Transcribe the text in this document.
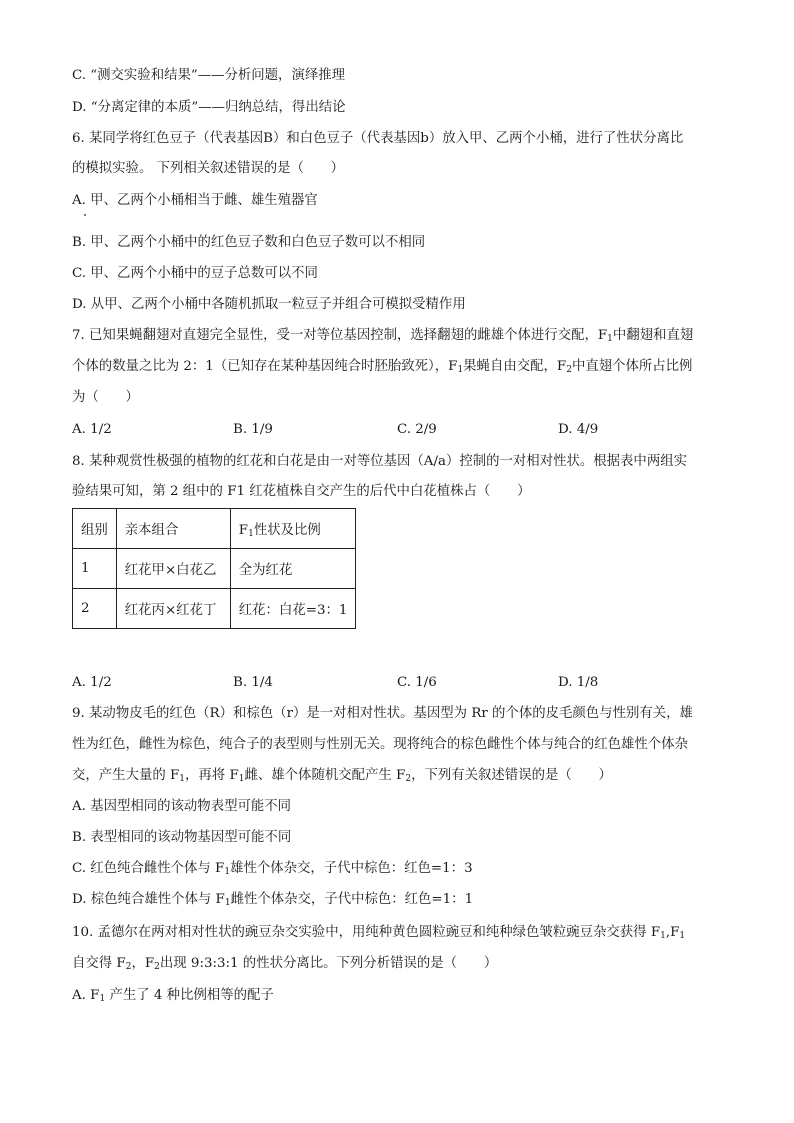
C. “测交实验和结果”——分析问题，演绎推理
D. “分离定律的本质”——归纳总结，得出结论
6. 某同学将红色豆子（代表基因B）和白色豆子（代表基因b）放入甲、乙两个小桶，进行了性状分离比
的模拟实验。 下列相关叙述错误的是（　　）
A. 甲、乙两个小桶相当于雌、雄生殖器官
B. 甲、乙两个小桶中的红色豆子数和白色豆子数可以不相同
C. 甲、乙两个小桶中的豆子总数可以不同
D. 从甲、乙两个小桶中各随机抓取一粒豆子并组合可模拟受精作用
7. 已知果蝇翻翅对直翅完全显性，受一对等位基因控制，选择翻翅的雌雄个体进行交配，$F_1$中翻翅和直翅
个体的数量之比为 2：1（已知存在某种基因纯合时胚胎致死），$F_1$果蝇自由交配，$F_2$中直翅个体所占比例
为（　　）
A. 1/2	B. 1/9	C. 2/9	D. 4/9
8. 某种观赏性极强的植物的红花和白花是由一对等位基因（A/a）控制的一对相对性状。根据表中两组实
验结果可知，第 2 组中的 F1 红花植株自交产生的后代中白花植株占（　　）
组别	亲本组合	$F_1$性状及比例
1	红花甲×白花乙	全为红花
2	红花丙×红花丁	红花：白花=3：1
A. 1/2	B. 1/4	C. 1/6	D. 1/8
9. 某动物皮毛的红色（R）和棕色（r）是一对相对性状。基因型为 Rr 的个体的皮毛颜色与性别有关，雄
性为红色，雌性为棕色，纯合子的表型则与性别无关。现将纯合的棕色雌性个体与纯合的红色雄性个体杂
交，产生大量的 $F_1$，再将 $F_1$雌、雄个体随机交配产生 $F_2$，下列有关叙述错误的是（　　）
A. 基因型相同的该动物表型可能不同
B. 表型相同的该动物基因型可能不同
C. 红色纯合雌性个体与 $F_1$雄性个体杂交，子代中棕色：红色=1：3
D. 棕色纯合雄性个体与 $F_1$雌性个体杂交，子代中棕色：红色=1：1
10. 孟德尔在两对相对性状的豌豆杂交实验中，用纯种黄色圆粒豌豆和纯种绿色皱粒豌豆杂交获得 $F_1,F_1$
自交得 $F_2$，$F_2$出现 9:3:3:1 的性状分离比。下列分析错误的是（　　）
A. $F_1$ 产生了 4 种比例相等的配子
